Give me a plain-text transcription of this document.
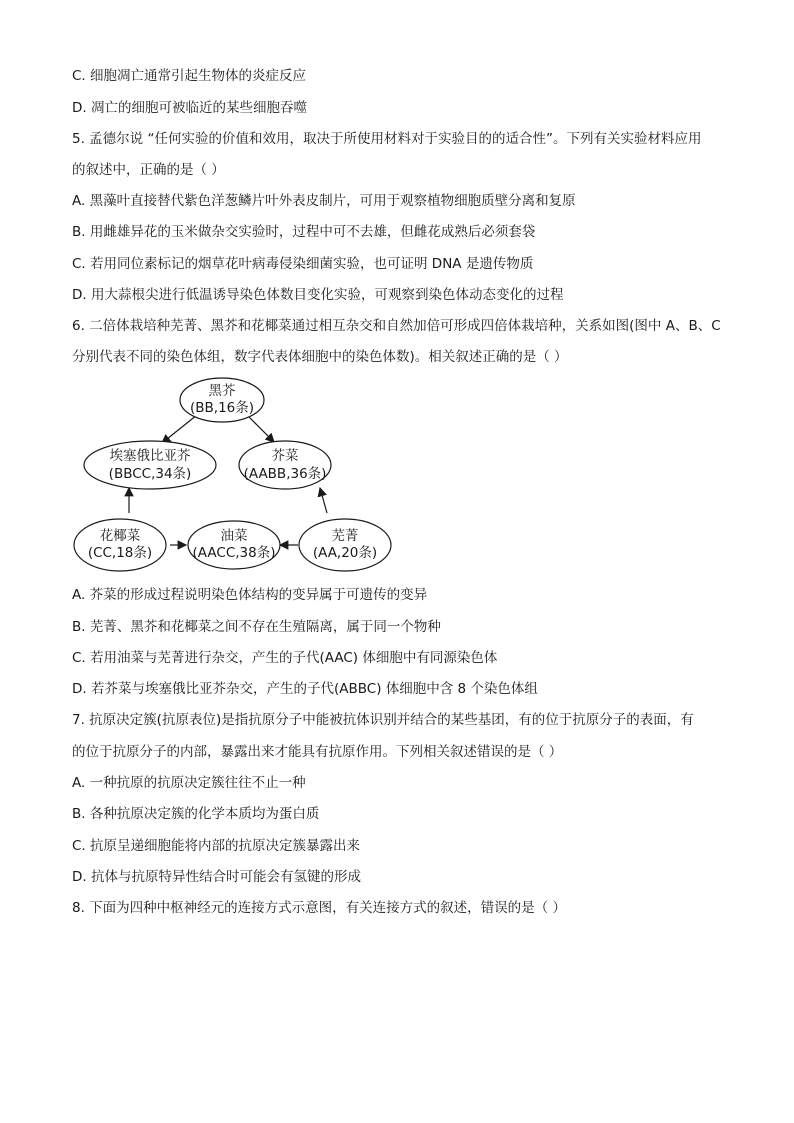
C. 细胞凋亡通常引起生物体的炎症反应
D. 凋亡的细胞可被临近的某些细胞吞噬
5. 孟德尔说 “任何实验的价值和效用，取决于所使用材料对于实验目的的适合性”。下列有关实验材料应用
的叙述中，正确的是（ ）
A. 黑藻叶直接替代紫色洋葱鳞片叶外表皮制片，可用于观察植物细胞质壁分离和复原
B. 用雌雄异花的玉米做杂交实验时，过程中可不去雄，但雌花成熟后必须套袋
C. 若用同位素标记的烟草花叶病毒侵染细菌实验，也可证明 DNA 是遗传物质
D. 用大蒜根尖进行低温诱导染色体数目变化实验，可观察到染色体动态变化的过程
6. 二倍体栽培种芜菁、黑芥和花椰菜通过相互杂交和自然加倍可形成四倍体栽培种，关系如图(图中 A、B、C
分别代表不同的染色体组，数字代表体细胞中的染色体数)。相关叙述正确的是（ ）
黑芥
(BB,16条)
埃塞俄比亚芥
(BBCC,34条)
芥菜
(AABB,36条)
花椰菜
(CC,18条)
油菜
(AACC,38条)
芜菁
(AA,20条)
A. 芥菜的形成过程说明染色体结构的变异属于可遗传的变异
B. 芜菁、黑芥和花椰菜之间不存在生殖隔离，属于同一个物种
C. 若用油菜与芜菁进行杂交，产生的子代(AAC) 体细胞中有同源染色体
D. 若芥菜与埃塞俄比亚芥杂交，产生的子代(ABBC) 体细胞中含 8 个染色体组
7. 抗原决定簇(抗原表位)是指抗原分子中能被抗体识别并结合的某些基团，有的位于抗原分子的表面，有
的位于抗原分子的内部，暴露出来才能具有抗原作用。下列相关叙述错误的是（ ）
A. 一种抗原的抗原决定簇往往不止一种
B. 各种抗原决定簇的化学本质均为蛋白质
C. 抗原呈递细胞能将内部的抗原决定簇暴露出来
D. 抗体与抗原特异性结合时可能会有氢键的形成
8. 下面为四种中枢神经元的连接方式示意图，有关连接方式的叙述，错误的是（ ）
